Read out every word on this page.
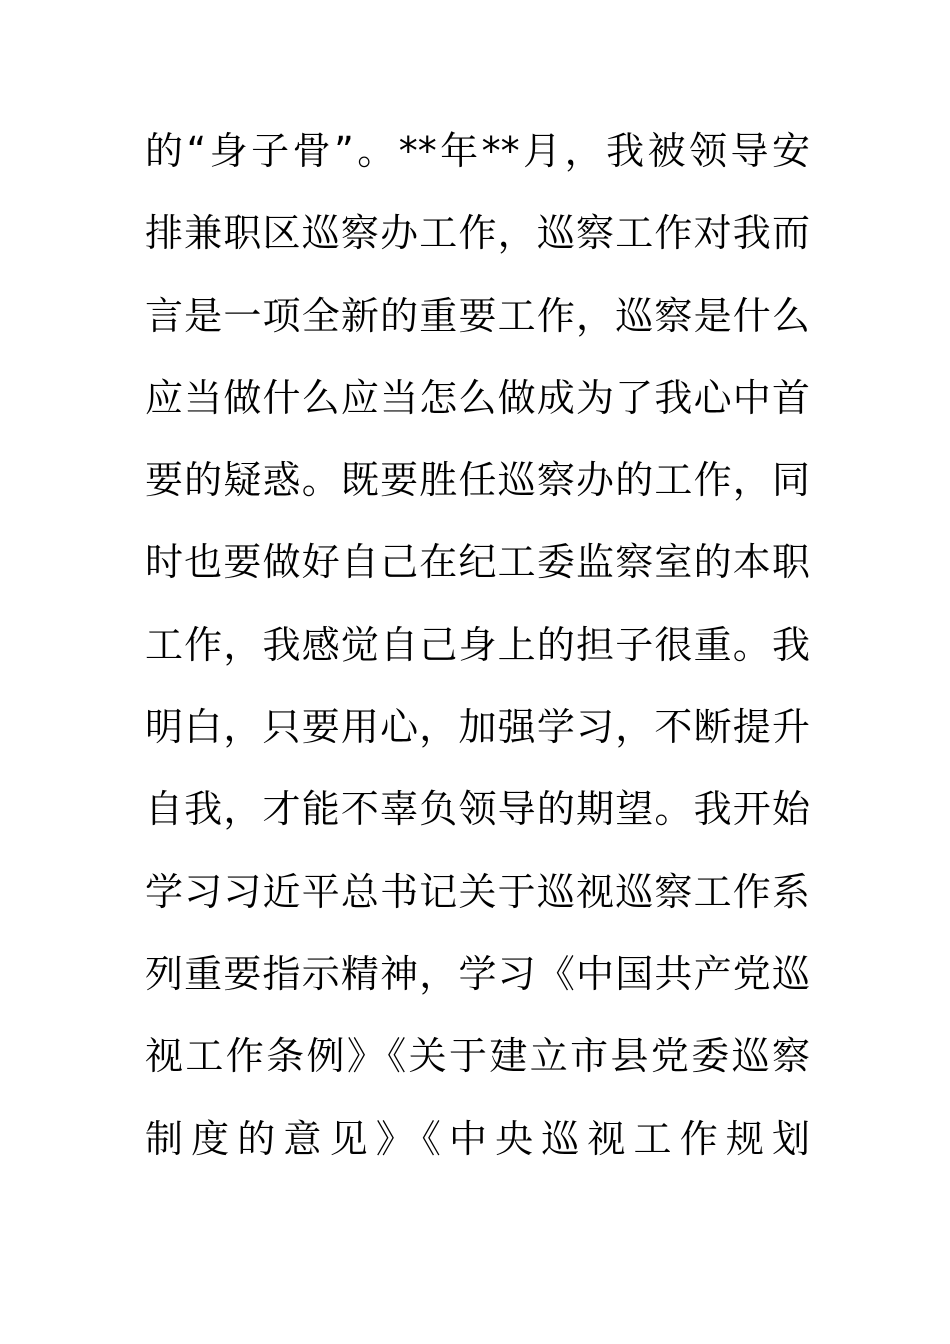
的“身子骨”。**年**月，我被领导安
排兼职区巡察办工作，巡察工作对我而
言是一项全新的重要工作，巡察是什么
应当做什么应当怎么做成为了我心中首
要的疑惑。既要胜任巡察办的工作，同
时也要做好自己在纪工委监察室的本职
工作，我感觉自己身上的担子很重。我
明白，只要用心，加强学习，不断提升
自我，才能不辜负领导的期望。我开始
学习习近平总书记关于巡视巡察工作系
列重要指示精神，学习《中国共产党巡
视工作条例》《关于建立市县党委巡察
制度的意见》《中央巡视工作规划
